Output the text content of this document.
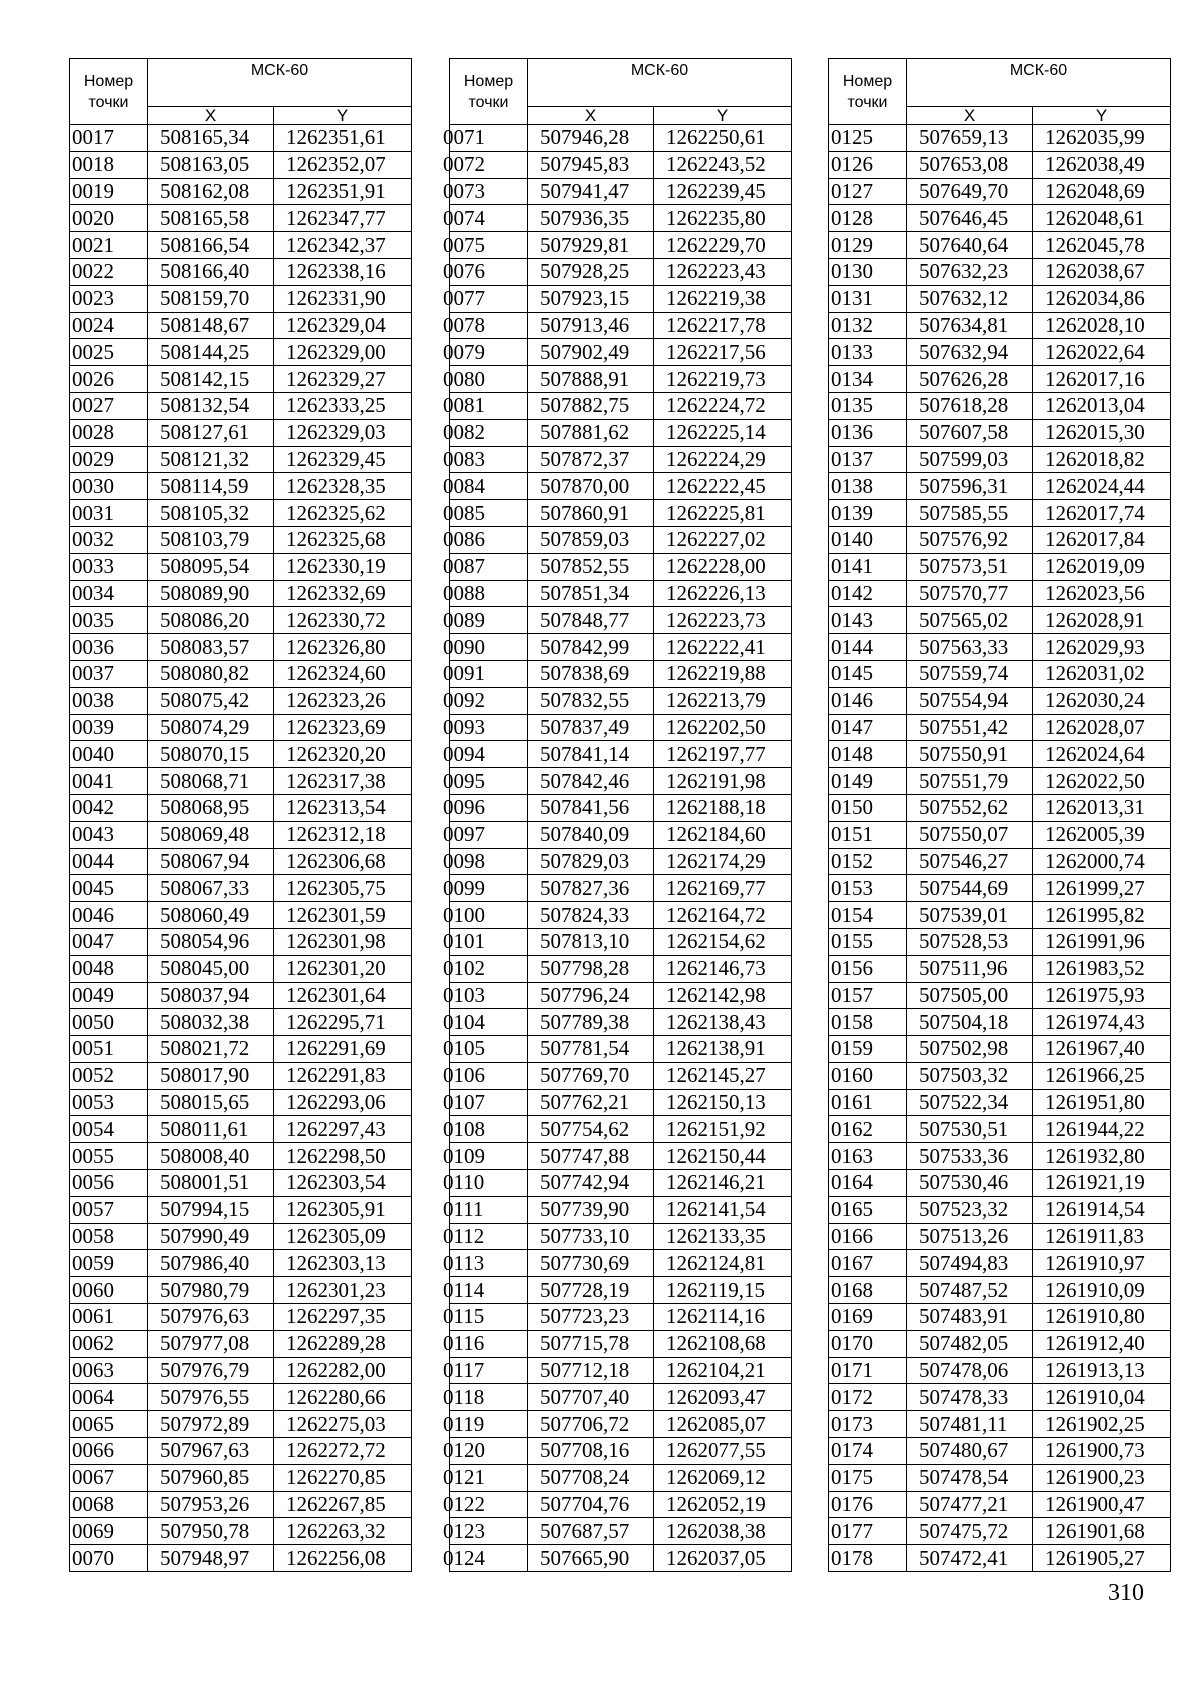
Номер
точки	МСК-60	
	X	Y
0017	508165,34	1262351,61
0018	508163,05	1262352,07
0019	508162,08	1262351,91
0020	508165,58	1262347,77
0021	508166,54	1262342,37
0022	508166,40	1262338,16
0023	508159,70	1262331,90
0024	508148,67	1262329,04
0025	508144,25	1262329,00
0026	508142,15	1262329,27
0027	508132,54	1262333,25
0028	508127,61	1262329,03
0029	508121,32	1262329,45
0030	508114,59	1262328,35
0031	508105,32	1262325,62
0032	508103,79	1262325,68
0033	508095,54	1262330,19
0034	508089,90	1262332,69
0035	508086,20	1262330,72
0036	508083,57	1262326,80
0037	508080,82	1262324,60
0038	508075,42	1262323,26
0039	508074,29	1262323,69
0040	508070,15	1262320,20
0041	508068,71	1262317,38
0042	508068,95	1262313,54
0043	508069,48	1262312,18
0044	508067,94	1262306,68
0045	508067,33	1262305,75
0046	508060,49	1262301,59
0047	508054,96	1262301,98
0048	508045,00	1262301,20
0049	508037,94	1262301,64
0050	508032,38	1262295,71
0051	508021,72	1262291,69
0052	508017,90	1262291,83
0053	508015,65	1262293,06
0054	508011,61	1262297,43
0055	508008,40	1262298,50
0056	508001,51	1262303,54
0057	507994,15	1262305,91
0058	507990,49	1262305,09
0059	507986,40	1262303,13
0060	507980,79	1262301,23
0061	507976,63	1262297,35
0062	507977,08	1262289,28
0063	507976,79	1262282,00
0064	507976,55	1262280,66
0065	507972,89	1262275,03
0066	507967,63	1262272,72
0067	507960,85	1262270,85
0068	507953,26	1262267,85
0069	507950,78	1262263,32
0070	507948,97	1262256,08
Номер
точки	МСК-60	
	X	Y
0071	507946,28	1262250,61
0072	507945,83	1262243,52
0073	507941,47	1262239,45
0074	507936,35	1262235,80
0075	507929,81	1262229,70
0076	507928,25	1262223,43
0077	507923,15	1262219,38
0078	507913,46	1262217,78
0079	507902,49	1262217,56
0080	507888,91	1262219,73
0081	507882,75	1262224,72
0082	507881,62	1262225,14
0083	507872,37	1262224,29
0084	507870,00	1262222,45
0085	507860,91	1262225,81
0086	507859,03	1262227,02
0087	507852,55	1262228,00
0088	507851,34	1262226,13
0089	507848,77	1262223,73
0090	507842,99	1262222,41
0091	507838,69	1262219,88
0092	507832,55	1262213,79
0093	507837,49	1262202,50
0094	507841,14	1262197,77
0095	507842,46	1262191,98
0096	507841,56	1262188,18
0097	507840,09	1262184,60
0098	507829,03	1262174,29
0099	507827,36	1262169,77
0100	507824,33	1262164,72
0101	507813,10	1262154,62
0102	507798,28	1262146,73
0103	507796,24	1262142,98
0104	507789,38	1262138,43
0105	507781,54	1262138,91
0106	507769,70	1262145,27
0107	507762,21	1262150,13
0108	507754,62	1262151,92
0109	507747,88	1262150,44
0110	507742,94	1262146,21
0111	507739,90	1262141,54
0112	507733,10	1262133,35
0113	507730,69	1262124,81
0114	507728,19	1262119,15
0115	507723,23	1262114,16
0116	507715,78	1262108,68
0117	507712,18	1262104,21
0118	507707,40	1262093,47
0119	507706,72	1262085,07
0120	507708,16	1262077,55
0121	507708,24	1262069,12
0122	507704,76	1262052,19
0123	507687,57	1262038,38
0124	507665,90	1262037,05
Номер
точки	МСК-60	
	X	Y
0125	507659,13	1262035,99
0126	507653,08	1262038,49
0127	507649,70	1262048,69
0128	507646,45	1262048,61
0129	507640,64	1262045,78
0130	507632,23	1262038,67
0131	507632,12	1262034,86
0132	507634,81	1262028,10
0133	507632,94	1262022,64
0134	507626,28	1262017,16
0135	507618,28	1262013,04
0136	507607,58	1262015,30
0137	507599,03	1262018,82
0138	507596,31	1262024,44
0139	507585,55	1262017,74
0140	507576,92	1262017,84
0141	507573,51	1262019,09
0142	507570,77	1262023,56
0143	507565,02	1262028,91
0144	507563,33	1262029,93
0145	507559,74	1262031,02
0146	507554,94	1262030,24
0147	507551,42	1262028,07
0148	507550,91	1262024,64
0149	507551,79	1262022,50
0150	507552,62	1262013,31
0151	507550,07	1262005,39
0152	507546,27	1262000,74
0153	507544,69	1261999,27
0154	507539,01	1261995,82
0155	507528,53	1261991,96
0156	507511,96	1261983,52
0157	507505,00	1261975,93
0158	507504,18	1261974,43
0159	507502,98	1261967,40
0160	507503,32	1261966,25
0161	507522,34	1261951,80
0162	507530,51	1261944,22
0163	507533,36	1261932,80
0164	507530,46	1261921,19
0165	507523,32	1261914,54
0166	507513,26	1261911,83
0167	507494,83	1261910,97
0168	507487,52	1261910,09
0169	507483,91	1261910,80
0170	507482,05	1261912,40
0171	507478,06	1261913,13
0172	507478,33	1261910,04
0173	507481,11	1261902,25
0174	507480,67	1261900,73
0175	507478,54	1261900,23
0176	507477,21	1261900,47
0177	507475,72	1261901,68
0178	507472,41	1261905,27
310
